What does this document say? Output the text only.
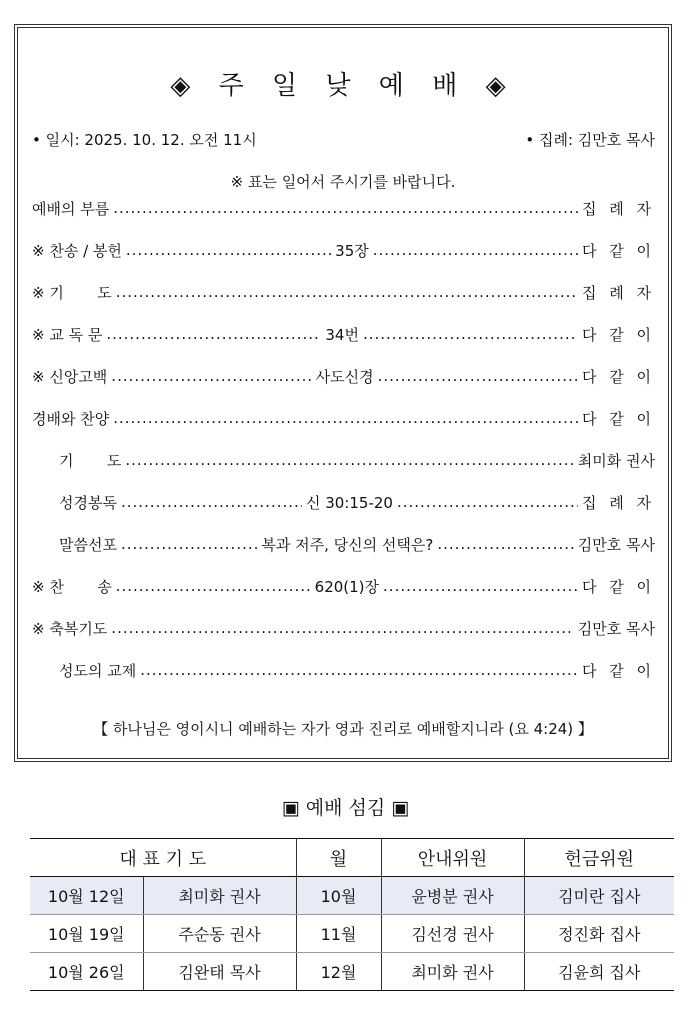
◈ 주 일 낮 예 배 ◈
• 일시: 2025. 10. 12. 오전 11시	• 집례: 김만호 목사
※ 표는 일어서 주시기를 바랍니다.
예배의 부름 .....	집 례 자
※ 찬송 / 봉헌 .....	35장 .....	다 같 이
※ 기       도 .....	집 례 자
※ 교 독 문 .....	34번 .....	다 같 이
※ 신앙고백 .....	사도신경 .....	다 같 이
경배와 찬양 .....	다 같 이
기       도 .....	최미화 권사
성경봉독 .....	신 30:15-20 .....	집 례 자
말씀선포 .....	복과 저주, 당신의 선택은? .....	김만호 목사
※ 찬       송 .....	620(1)장 .....	다 같 이
※ 축복기도 .....	김만호 목사
성도의 교제 .....	다 같 이
【 하나님은 영이시니 예배하는 자가 영과 진리로 예배할지니라 (요 4:24) 】
▣ 예배 섬김 ▣
대 표 기 도		월	안내위원	헌금위원
10월 12일	최미화 권사	10월	윤병분 권사	김미란 집사
10월 19일	주순동 권사	11월	김선경 권사	정진화 집사
10월 26일	김완태 목사	12월	최미화 권사	김윤희 집사
